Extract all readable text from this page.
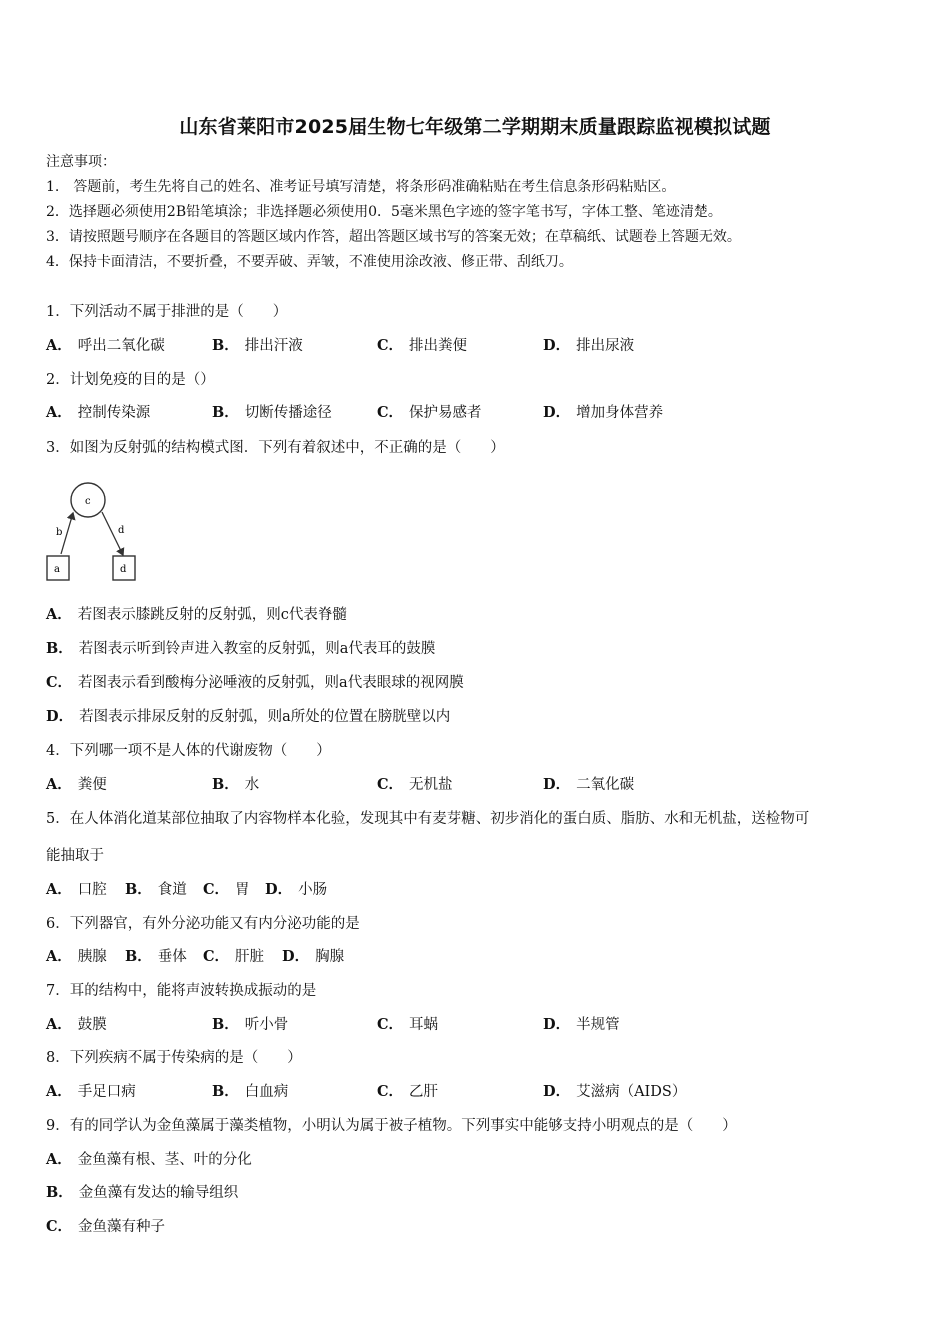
山东省莱阳市2025届生物七年级第二学期期末质量跟踪监视模拟试题
注意事项：
1.　答题前，考生先将自己的姓名、准考证号填写清楚，将条形码准确粘贴在考生信息条形码粘贴区。
2．选择题必须使用2B铅笔填涂；非选择题必须使用0．5毫米黑色字迹的签字笔书写，字体工整、笔迹清楚。
3．请按照题号顺序在各题目的答题区域内作答，超出答题区域书写的答案无效；在草稿纸、试题卷上答题无效。
4．保持卡面清洁，不要折叠，不要弄破、弄皱，不准使用涂改液、修正带、刮纸刀。
1．下列活动不属于排泄的是（　　）
A． 呼出二氧化碳	B． 排出汗液	C． 排出粪便	D． 排出尿液
2．计划免疫的目的是（）
A． 控制传染源	B． 切断传播途径	C． 保护易感者	D． 增加身体营养
3．如图为反射弧的结构模式图．下列有着叙述中，不正确的是（　　）
c
b	d
a	d
A． 若图表示膝跳反射的反射弧，则c代表脊髓
B． 若图表示听到铃声进入教室的反射弧，则a代表耳的鼓膜
C． 若图表示看到酸梅分泌唾液的反射弧，则a代表眼球的视网膜
D． 若图表示排尿反射的反射弧，则a所处的位置在膀胱壁以内
4．下列哪一项不是人体的代谢废物（　　）
A． 粪便	B． 水	C． 无机盐	D． 二氧化碳
5．在人体消化道某部位抽取了内容物样本化验，发现其中有麦芽糖、初步消化的蛋白质、脂肪、水和无机盐，送检物可
能抽取于
A． 口腔 B． 食道 C． 胃 D． 小肠
6．下列器官，有外分泌功能又有内分泌功能的是
A． 胰腺 B． 垂体 C． 肝脏 D． 胸腺
7．耳的结构中，能将声波转换成振动的是
A． 鼓膜	B． 听小骨	C． 耳蜗	D． 半规管
8．下列疾病不属于传染病的是（　　）
A． 手足口病	B． 白血病	C． 乙肝	D． 艾滋病（AIDS）
9．有的同学认为金鱼藻属于藻类植物，小明认为属于被子植物。下列事实中能够支持小明观点的是（　　）
A． 金鱼藻有根、茎、叶的分化
B． 金鱼藻有发达的输导组织
C． 金鱼藻有种子
